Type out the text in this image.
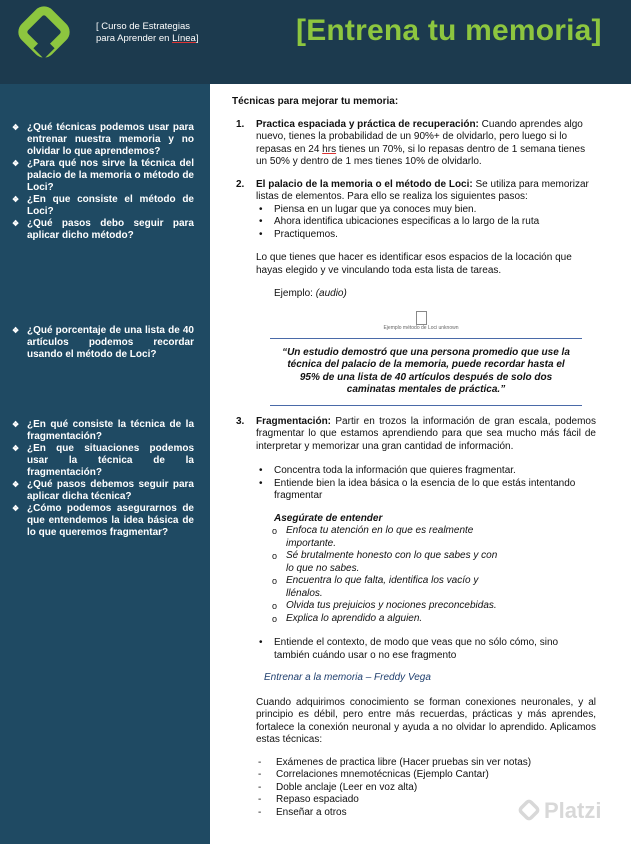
[ Curso de Estrategias
para Aprender en Línea]	[Entrena tu memoria]
❖ ¿Qué técnicas podemos usar para entrenar nuestra memoria y no olvidar lo que aprendemos?
❖ ¿Para qué nos sirve la técnica del palacio de la memoria o método de Loci?
❖ ¿En que consiste el método de Loci?
❖ ¿Qué pasos debo seguir para aplicar dicho método?
❖ ¿Qué porcentaje de una lista de 40 artículos podemos recordar usando el método de Loci?
❖ ¿En qué consiste la técnica de la fragmentación?
❖ ¿En que situaciones podemos usar la técnica de la fragmentación?
❖ ¿Qué pasos debemos seguir para aplicar dicha técnica?
❖ ¿Cómo podemos asegurarnos de que entendemos la idea básica de lo que queremos fragmentar?
Técnicas para mejorar tu memoria:
1. Practica espaciada y práctica de recuperación: Cuando aprendes algo nuevo, tienes la probabilidad de un 90%+ de olvidarlo, pero luego si lo repasas en 24 hrs tienes un 70%, si lo repasas dentro de 1 semana tienes un 50% y dentro de 1 mes tienes 10% de olvidarlo.
2. El palacio de la memoria o el método de Loci: Se utiliza para memorizar listas de elementos. Para ello se realiza los siguientes pasos:
• Piensa en un lugar que ya conoces muy bien.
• Ahora identifica ubicaciones especificas a lo largo de la ruta
• Practiquemos.
Lo que tienes que hacer es identificar esos espacios de la locación que hayas elegido y ve vinculando toda esta lista de tareas.
Ejemplo: (audio)
Ejemplo método de Loci unknown
“Un estudio demostró que una persona promedio que use la técnica del palacio de la memoria, puede recordar hasta el 95% de una lista de 40 artículos después de solo dos caminatas mentales de práctica.”
3. Fragmentación: Partir en trozos la información de gran escala, podemos fragmentar lo que estamos aprendiendo para que sea mucho más fácil de interpretar y memorizar una gran cantidad de información.
• Concentra toda la información que quieres fragmentar.
• Entiende bien la idea básica o la esencia de lo que estás intentando fragmentar
Asegúrate de entender
o Enfoca tu atención en lo que es realmente importante.
o Sé brutalmente honesto con lo que sabes y con lo que no sabes.
o Encuentra lo que falta, identifica los vacío y llénalos.
o Olvida tus prejuicios y nociones preconcebidas.
o Explica lo aprendido a alguien.
• Entiende el contexto, de modo que veas que no sólo cómo, sino también cuándo usar o no ese fragmento
Entrenar a la memoria – Freddy Vega
Cuando adquirimos conocimiento se forman conexiones neuronales, y al principio es débil, pero entre más recuerdas, prácticas y más aprendes, fortalece la conexión neuronal y ayuda a no olvidar lo aprendido. Aplicamos estas técnicas:
- Exámenes de practica libre (Hacer pruebas sin ver notas)
- Correlaciones mnemotécnicas (Ejemplo Cantar)
- Doble anclaje (Leer en voz alta)
- Repaso espaciado
- Enseñar a otros	Platzi
